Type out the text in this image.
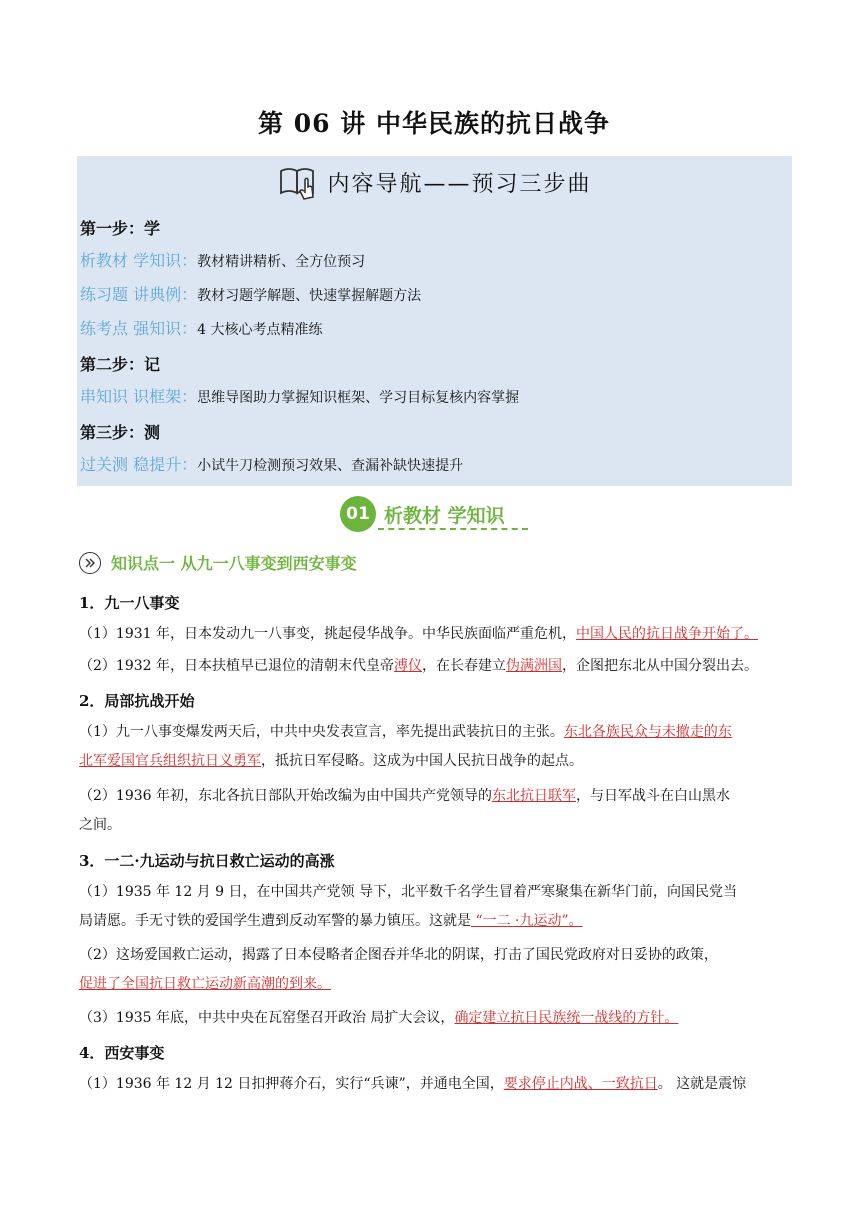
第 06 讲 中华民族的抗日战争
内容导航——预习三步曲
第一步：学
析教材 学知识：教材精讲精析、全方位预习
练习题 讲典例：教材习题学解题、快速掌握解题方法
练考点 强知识：4 大核心考点精准练
第二步：记
串知识 识框架：思维导图助力掌握知识框架、学习目标复核内容掌握
第三步：测
过关测 稳提升：小试牛刀检测预习效果、查漏补缺快速提升
01 析教材 学知识
知识点一 从九一八事变到西安事变
1．九一八事变
（1）1931 年，日本发动九一八事变，挑起侵华战争。中华民族面临严重危机，中国人民的抗日战争开始了。
（2）1932 年，日本扶植早已退位的清朝末代皇帝溥仪，在长春建立伪满洲国，企图把东北从中国分裂出去。
2．局部抗战开始
（1）九一八事变爆发两天后，中共中央发表宣言，率先提出武装抗日的主张。东北各族民众与未撤走的东
北军爱国官兵组织抗日义勇军，抵抗日军侵略。这成为中国人民抗日战争的起点。
（2）1936 年初，东北各抗日部队开始改编为由中国共产党领导的东北抗日联军，与日军战斗在白山黑水
之间。
3．一二·九运动与抗日救亡运动的高涨
（1）1935 年 12 月 9 日，在中国共产党领 导下，北平数千名学生冒着严寒聚集在新华门前，向国民党当
局请愿。手无寸铁的爱国学生遭到反动军警的暴力镇压。这就是 “一二 ·九运动”。
（2）这场爱国救亡运动，揭露了日本侵略者企图吞并华北的阴谋，打击了国民党政府对日妥协的政策，
促进了全国抗日救亡运动新高潮的到来。
（3）1935 年底，中共中央在瓦窑堡召开政治 局扩大会议，确定建立抗日民族统一战线的方针。
4．西安事变
（1）1936 年 12 月 12 日扣押蒋介石，实行“兵谏”，并通电全国，要求停止内战、一致抗日。 这就是震惊
